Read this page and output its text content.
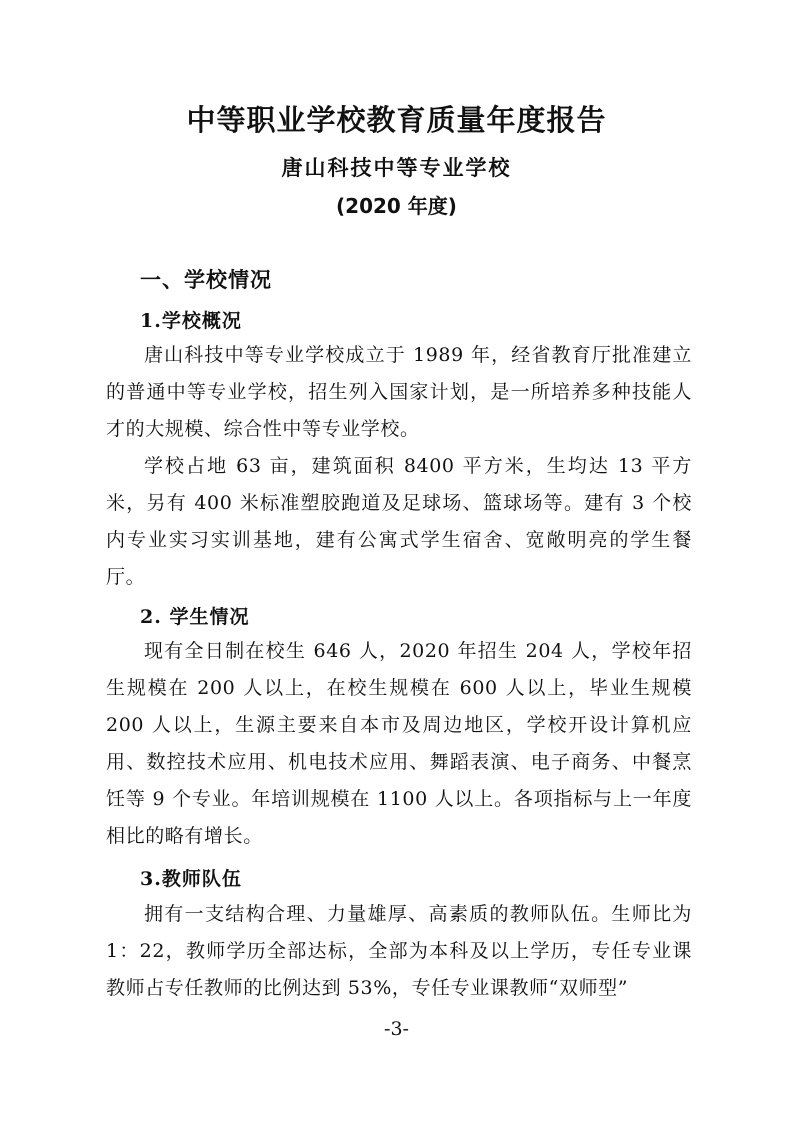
中等职业学校教育质量年度报告
唐山科技中等专业学校
(2020 年度)
一、学校情况
1.学校概况

唐山科技中等专业学校成立于 1989 年，经省教育厅批准建立的普通中等专业学校，招生列入国家计划，是一所培养多种技能人才的大规模、综合性中等专业学校。

学校占地 63 亩，建筑面积 8400 平方米，生均达 13 平方米，另有 400 米标准塑胶跑道及足球场、篮球场等。建有 3 个校内专业实习实训基地，建有公寓式学生宿舍、宽敞明亮的学生餐厅。

2. 学生情况

现有全日制在校生 646 人，2020 年招生 204 人，学校年招生规模在 200 人以上，在校生规模在 600 人以上，毕业生规模 200 人以上，生源主要来自本市及周边地区，学校开设计算机应用、数控技术应用、机电技术应用、舞蹈表演、电子商务、中餐烹饪等 9 个专业。年培训规模在 1100 人以上。各项指标与上一年度相比的略有增长。

3.教师队伍

拥有一支结构合理、力量雄厚、高素质的教师队伍。生师比为 1：22，教师学历全部达标，全部为本科及以上学历，专任专业课教师占专任教师的比例达到 53%，专任专业课教师“双师型”

-3-
